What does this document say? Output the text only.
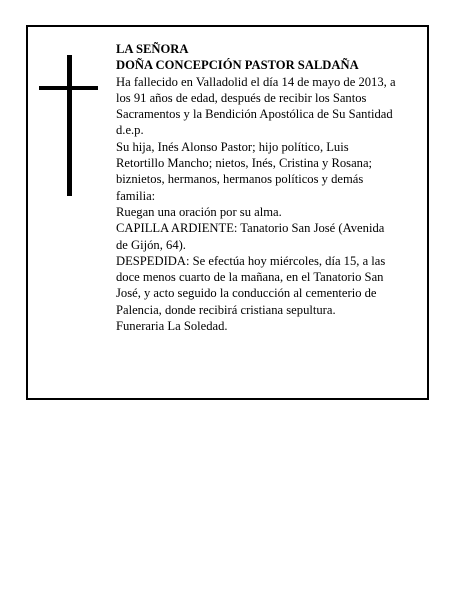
LA SEÑORA
DOÑA CONCEPCIÓN PASTOR SALDAÑA
Ha fallecido en Valladolid el día 14 de mayo de 2013, a
los 91 años de edad, después de recibir los Santos
Sacramentos y la Bendición Apostólica de Su Santidad
d.e.p.
Su hija, Inés Alonso Pastor; hijo político, Luis
Retortillo Mancho; nietos, Inés, Cristina y Rosana;
biznietos, hermanos, hermanos políticos y demás
familia:
Ruegan una oración por su alma.
CAPILLA ARDIENTE: Tanatorio San José (Avenida
de Gijón, 64).
DESPEDIDA: Se efectúa hoy miércoles, día 15, a las
doce menos cuarto de la mañana, en el Tanatorio San
José, y acto seguido la conducción al cementerio de
Palencia, donde recibirá cristiana sepultura.
Funeraria La Soledad.
